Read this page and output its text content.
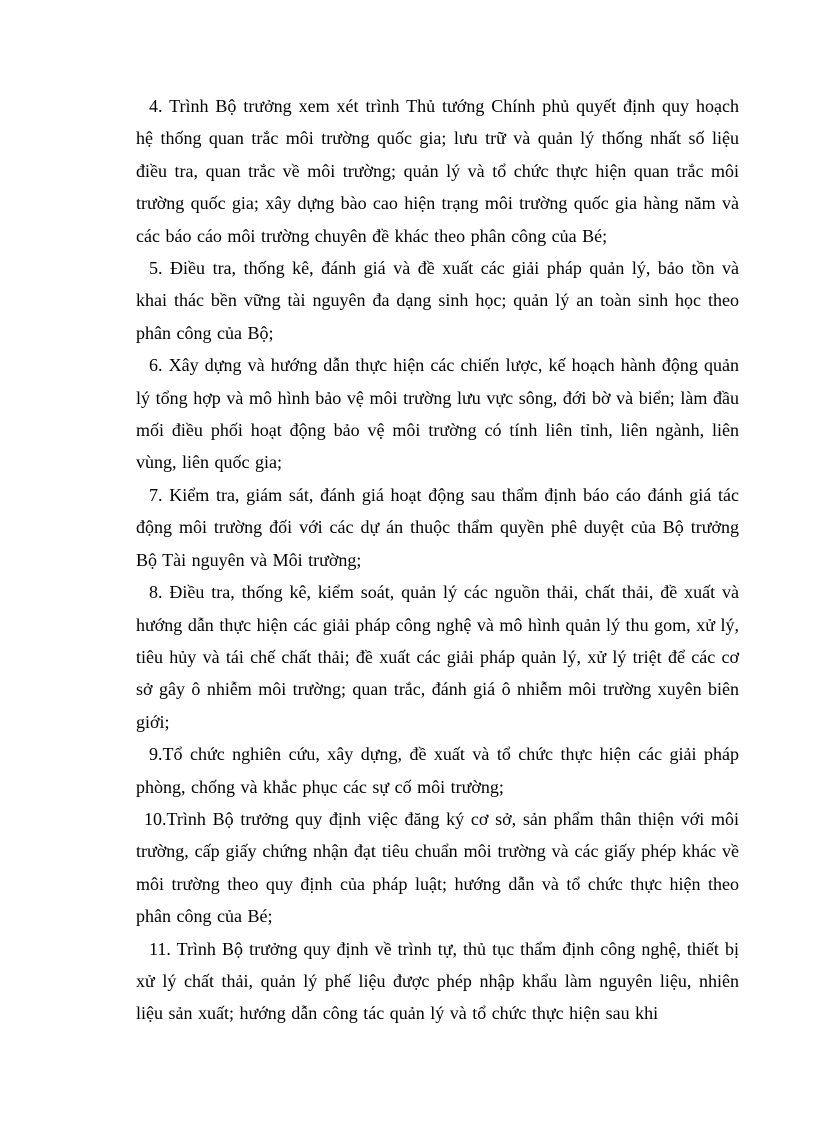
4. Trình Bộ trưởng xem xét trình Thủ tướng Chính phủ quyết định quy hoạch hệ thống quan trắc môi trường quốc gia; lưu trữ và quản lý thống nhất số liệu điều tra, quan trắc về môi trường; quản lý và tổ chức thực hiện quan trắc môi trường quốc gia; xây dựng bào cao hiện trạng môi trường quốc gia hàng năm và các báo cáo môi trường chuyên đề khác theo phân công của Bé;

5. Điều tra, thống kê, đánh giá và đề xuất các giải pháp quản lý, bảo tồn và khai thác bền vững tài nguyên đa dạng sinh học; quản lý an toàn sinh học theo phân công của Bộ;

6. Xây dựng và hướng dẫn thực hiện các chiến lược, kế hoạch hành động quản lý tổng hợp và mô hình bảo vệ môi trường lưu vực sông, đới bờ và biển; làm đầu mối điều phối hoạt động bảo vệ môi trường có tính liên tỉnh, liên ngành, liên vùng, liên quốc gia;

7. Kiểm tra, giám sát, đánh giá hoạt động sau thẩm định báo cáo đánh giá tác động môi trường đối với các dự án thuộc thẩm quyền phê duyệt của Bộ trưởng Bộ Tài nguyên và Môi trường;

8. Điều tra, thống kê, kiểm soát, quản lý các nguồn thải, chất thải, đề xuất và hướng dẫn thực hiện các giải pháp công nghệ và mô hình quản lý thu gom, xử lý, tiêu hủy và tái chế chất thải; đề xuất các giải pháp quản lý, xử lý triệt để các cơ sở gây ô nhiễm môi trường; quan trắc, đánh giá ô nhiễm môi trường xuyên biên giới;

9.Tổ chức nghiên cứu, xây dựng, đề xuất và tổ chức thực hiện các giải pháp phòng, chống và khắc phục các sự cố môi trường;

10.Trình Bộ trưởng quy định việc đăng ký cơ sở, sản phẩm thân thiện với môi trường, cấp giấy chứng nhận đạt tiêu chuẩn môi trường và các giấy phép khác về môi trường theo quy định của pháp luật; hướng dẫn và tổ chức thực hiện theo phân công của Bé;

11. Trình Bộ trưởng quy định về trình tự, thủ tục thẩm định công nghệ, thiết bị xử lý chất thải, quản lý phế liệu được phép nhập khẩu làm nguyên liệu, nhiên liệu sản xuất; hướng dẫn công tác quản lý và tổ chức thực hiện sau khi
